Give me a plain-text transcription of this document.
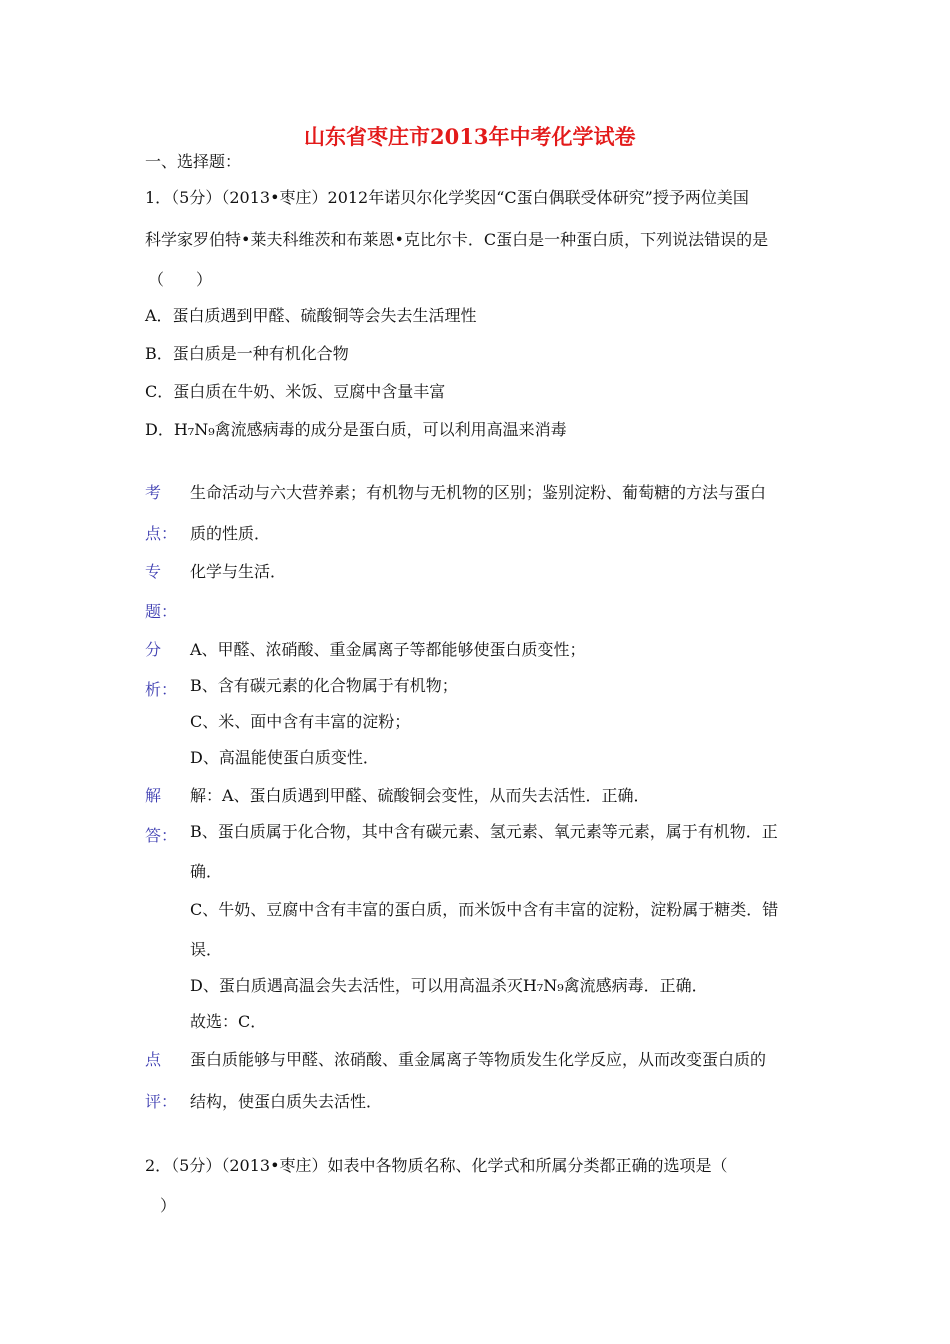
山东省枣庄市2013年中考化学试卷
一、选择题：
1．（5分）（2013•枣庄）2012年诺贝尔化学奖因“C蛋白偶联受体研究”授予两位美国
科学家罗伯特•莱夫科维茨和布莱恩•克比尔卡．C蛋白是一种蛋白质，下列说法错误的是
（　　）
A．蛋白质遇到甲醛、硫酸铜等会失去生活理性
B．蛋白质是一种有机化合物
C．蛋白质在牛奶、米饭、豆腐中含量丰富
D．H₇N₉禽流感病毒的成分是蛋白质，可以利用高温来消毒
考
点：
生命活动与六大营养素；有机物与无机物的区别；鉴别淀粉、葡萄糖的方法与蛋白
质的性质．
专
题：
化学与生活．
分
析：
A、甲醛、浓硝酸、重金属离子等都能够使蛋白质变性；
B、含有碳元素的化合物属于有机物；
C、米、面中含有丰富的淀粉；
D、高温能使蛋白质变性．
解
答：
解：A、蛋白质遇到甲醛、硫酸铜会变性，从而失去活性．正确．
B、蛋白质属于化合物，其中含有碳元素、氢元素、氧元素等元素，属于有机物．正
确．
C、牛奶、豆腐中含有丰富的蛋白质，而米饭中含有丰富的淀粉，淀粉属于糖类．错
误．
D、蛋白质遇高温会失去活性，可以用高温杀灭H₇N₉禽流感病毒．正确．
故选：C．
点
评：
蛋白质能够与甲醛、浓硝酸、重金属离子等物质发生化学反应，从而改变蛋白质的
结构，使蛋白质失去活性．
2．（5分）（2013•枣庄）如表中各物质名称、化学式和所属分类都正确的选项是（
）
